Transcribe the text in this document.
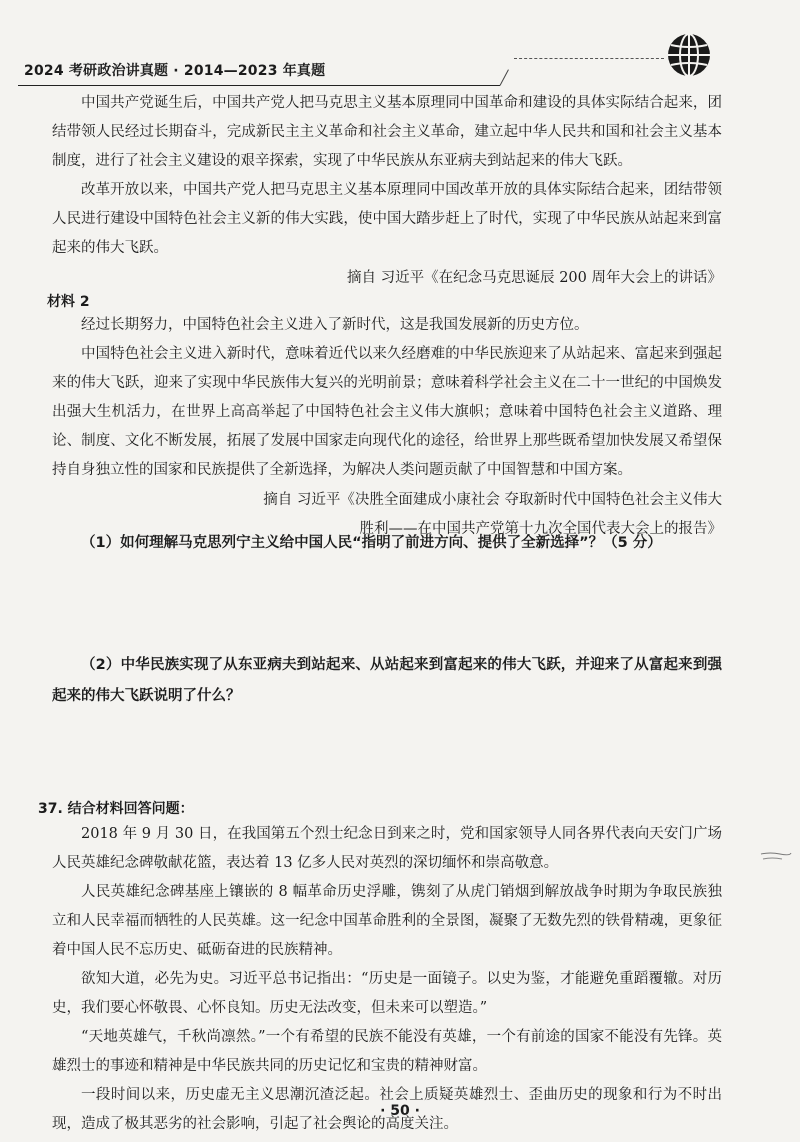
2024 考研政治讲真题 · 2014—2023 年真题

中国共产党诞生后，中国共产党人把马克思主义基本原理同中国革命和建设的具体实际结合起来，团结带领人民经过长期奋斗，完成新民主主义革命和社会主义革命，建立起中华人民共和国和社会主义基本制度，进行了社会主义建设的艰辛探索，实现了中华民族从东亚病夫到站起来的伟大飞跃。

改革开放以来，中国共产党人把马克思主义基本原理同中国改革开放的具体实际结合起来，团结带领人民进行建设中国特色社会主义新的伟大实践，使中国大踏步赶上了时代，实现了中华民族从站起来到富起来的伟大飞跃。

摘自 习近平《在纪念马克思诞辰 200 周年大会上的讲话》

材料 2

经过长期努力，中国特色社会主义进入了新时代，这是我国发展新的历史方位。

中国特色社会主义进入新时代，意味着近代以来久经磨难的中华民族迎来了从站起来、富起来到强起来的伟大飞跃，迎来了实现中华民族伟大复兴的光明前景；意味着科学社会主义在二十一世纪的中国焕发出强大生机活力，在世界上高高举起了中国特色社会主义伟大旗帜；意味着中国特色社会主义道路、理论、制度、文化不断发展，拓展了发展中国家走向现代化的途径，给世界上那些既希望加快发展又希望保持自身独立性的国家和民族提供了全新选择，为解决人类问题贡献了中国智慧和中国方案。

摘自 习近平《决胜全面建成小康社会 夺取新时代中国特色社会主义伟大

胜利——在中国共产党第十九次全国代表大会上的报告》

（1）如何理解马克思列宁主义给中国人民“指明了前进方向、提供了全新选择”？（5 分）

（2）中华民族实现了从东亚病夫到站起来、从站起来到富起来的伟大飞跃，并迎来了从富起来到强起来的伟大飞跃说明了什么？

37. 结合材料回答问题：

2018 年 9 月 30 日，在我国第五个烈士纪念日到来之时，党和国家领导人同各界代表向天安门广场人民英雄纪念碑敬献花篮，表达着 13 亿多人民对英烈的深切缅怀和崇高敬意。

人民英雄纪念碑基座上镶嵌的 8 幅革命历史浮雕，镌刻了从虎门销烟到解放战争时期为争取民族独立和人民幸福而牺牲的人民英雄。这一纪念中国革命胜利的全景图，凝聚了无数先烈的铁骨精魂，更象征着中国人民不忘历史、砥砺奋进的民族精神。

欲知大道，必先为史。习近平总书记指出：“历史是一面镜子。以史为鉴，才能避免重蹈覆辙。对历史，我们要心怀敬畏、心怀良知。历史无法改变，但未来可以塑造。”

“天地英雄气，千秋尚凛然。”一个有希望的民族不能没有英雄，一个有前途的国家不能没有先锋。英雄烈士的事迹和精神是中华民族共同的历史记忆和宝贵的精神财富。

一段时间以来，历史虚无主义思潮沉渣泛起。社会上质疑英雄烈士、歪曲历史的现象和行为不时出现，造成了极其恶劣的社会影响，引起了社会舆论的高度关注。

· 50 ·
